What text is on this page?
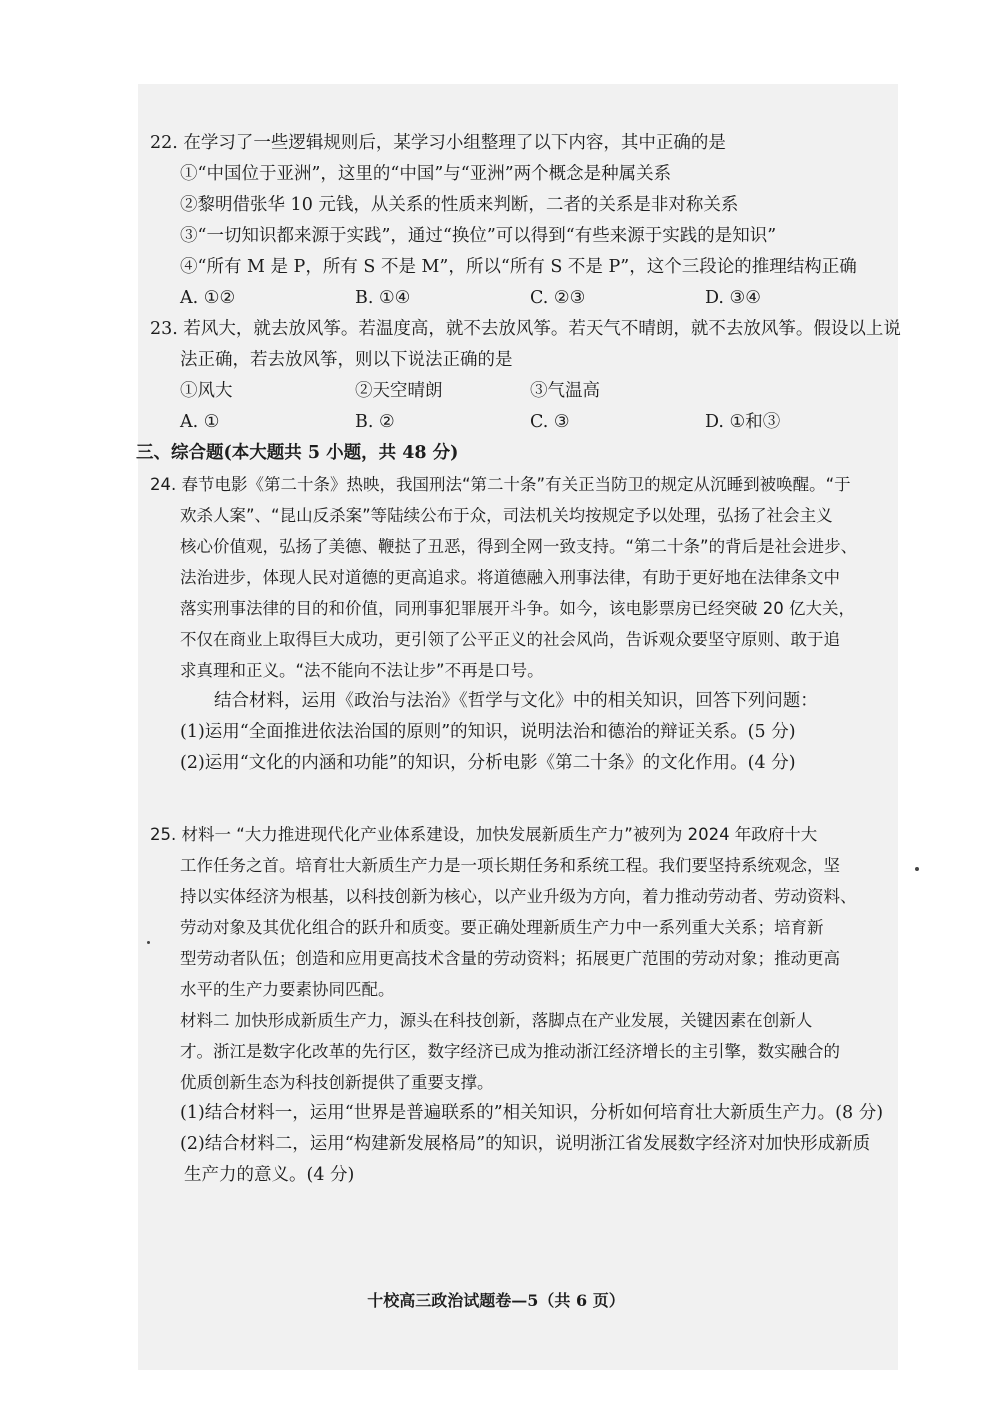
22. 在学习了一些逻辑规则后，某学习小组整理了以下内容，其中正确的是
①“中国位于亚洲”，这里的“中国”与“亚洲”两个概念是种属关系
②黎明借张华 10 元钱，从关系的性质来判断，二者的关系是非对称关系
③“一切知识都来源于实践”，通过“换位”可以得到“有些来源于实践的是知识”
④“所有 M 是 P，所有 S 不是 M”，所以“所有 S 不是 P”，这个三段论的推理结构正确
A. ①②	B. ①④	C. ②③	D. ③④
23. 若风大，就去放风筝。若温度高，就不去放风筝。若天气不晴朗，就不去放风筝。假设以上说
法正确，若去放风筝，则以下说法正确的是
①风大	②天空晴朗	③气温高
A. ①	B. ②	C. ③	D. ①和③
三、综合题(本大题共 5 小题，共 48 分)
24. 春节电影《第二十条》热映，我国刑法“第二十条”有关正当防卫的规定从沉睡到被唤醒。“于
欢杀人案”、“昆山反杀案”等陆续公布于众，司法机关均按规定予以处理，弘扬了社会主义
核心价值观，弘扬了美德、鞭挞了丑恶，得到全网一致支持。“第二十条”的背后是社会进步、
法治进步，体现人民对道德的更高追求。将道德融入刑事法律，有助于更好地在法律条文中
落实刑事法律的目的和价值，同刑事犯罪展开斗争。如今，该电影票房已经突破 20 亿大关，
不仅在商业上取得巨大成功，更引领了公平正义的社会风尚，告诉观众要坚守原则、敢于追
求真理和正义。“法不能向不法让步”不再是口号。
结合材料，运用《政治与法治》《哲学与文化》中的相关知识，回答下列问题：
(1)运用“全面推进依法治国的原则”的知识，说明法治和德治的辩证关系。(5 分)
(2)运用“文化的内涵和功能”的知识，分析电影《第二十条》的文化作用。(4 分)
25. 材料一 “大力推进现代化产业体系建设，加快发展新质生产力”被列为 2024 年政府十大
工作任务之首。培育壮大新质生产力是一项长期任务和系统工程。我们要坚持系统观念，坚
持以实体经济为根基，以科技创新为核心，以产业升级为方向，着力推动劳动者、劳动资料、
劳动对象及其优化组合的跃升和质变。要正确处理新质生产力中一系列重大关系；培育新
型劳动者队伍；创造和应用更高技术含量的劳动资料；拓展更广范围的劳动对象；推动更高
水平的生产力要素协同匹配。
材料二 加快形成新质生产力，源头在科技创新，落脚点在产业发展，关键因素在创新人
才。浙江是数字化改革的先行区，数字经济已成为推动浙江经济增长的主引擎，数实融合的
优质创新生态为科技创新提供了重要支撑。
(1)结合材料一，运用“世界是普遍联系的”相关知识，分析如何培育壮大新质生产力。(8 分)
(2)结合材料二，运用“构建新发展格局”的知识，说明浙江省发展数字经济对加快形成新质
生产力的意义。(4 分)
十校高三政治试题卷—5（共 6 页）
